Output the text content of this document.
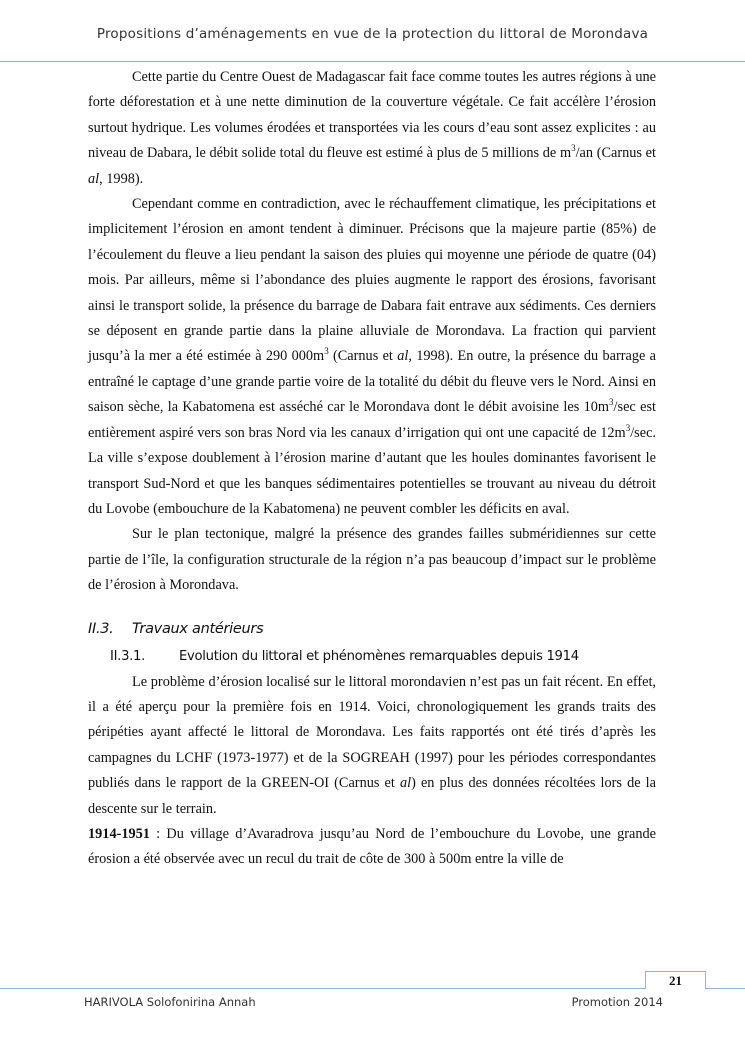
Propositions d’aménagements en vue de la protection du littoral de Morondava

Cette partie du Centre Ouest de Madagascar fait face comme toutes les autres régions à une forte déforestation et à une nette diminution de la couverture végétale. Ce fait accélère l’érosion surtout hydrique. Les volumes érodées et transportées via les cours d’eau sont assez explicites : au niveau de Dabara, le débit solide total du fleuve est estimé à plus de 5 millions de $m^3/an$ (Carnus et al, 1998).

Cependant comme en contradiction, avec le réchauffement climatique, les précipitations et implicitement l’érosion en amont tendent à diminuer. Précisons que la majeure partie (85%) de l’écoulement du fleuve a lieu pendant la saison des pluies qui moyenne une période de quatre (04) mois. Par ailleurs, même si l’abondance des pluies augmente le rapport des érosions, favorisant ainsi le transport solide, la présence du barrage de Dabara fait entrave aux sédiments. Ces derniers se déposent en grande partie dans la plaine alluviale de Morondava. La fraction qui parvient jusqu’à la mer a été estimée à 290 $000m^3$ (Carnus et al, 1998). En outre, la présence du barrage a entraîné le captage d’une grande partie voire de la totalité du débit du fleuve vers le Nord. Ainsi en saison sèche, la Kabatomena est asséché car le Morondava dont le débit avoisine les $10m^3/\sec$ est entièrement aspiré vers son bras Nord via les canaux d’irrigation qui ont une capacité de $12m^3/\sec$. La ville s’expose doublement à l’érosion marine d’autant que les houles dominantes favorisent le transport Sud-Nord et que les banques sédimentaires potentielles se trouvant au niveau du détroit du Lovobe (embouchure de la Kabatomena) ne peuvent combler les déficits en aval.

Sur le plan tectonique, malgré la présence des grandes failles subméridiennes sur cette partie de l’île, la configuration structurale de la région n’a pas beaucoup d’impact sur le problème de l’érosion à Morondava.

II.3. Travaux antérieurs
II.3.1.	Evolution du littoral et phénomènes remarquables depuis 1914

Le problème d’érosion localisé sur le littoral morondavien n’est pas un fait récent. En effet, il a été aperçu pour la première fois en 1914. Voici, chronologiquement les grands traits des péripéties ayant affecté le littoral de Morondava. Les faits rapportés ont été tirés d’après les campagnes du LCHF (1973-1977) et de la SOGREAH (1997) pour les périodes correspondantes publiés dans le rapport de la GREEN-OI (Carnus et al) en plus des données récoltées lors de la descente sur le terrain.

1914-1951 : Du village d’Avaradrova jusqu’au Nord de l’embouchure du Lovobe, une grande érosion a été observée avec un recul du trait de côte de 300 à 500m entre la ville de

21
HARIVOLA Solofonirina Annah	Promotion 2014
